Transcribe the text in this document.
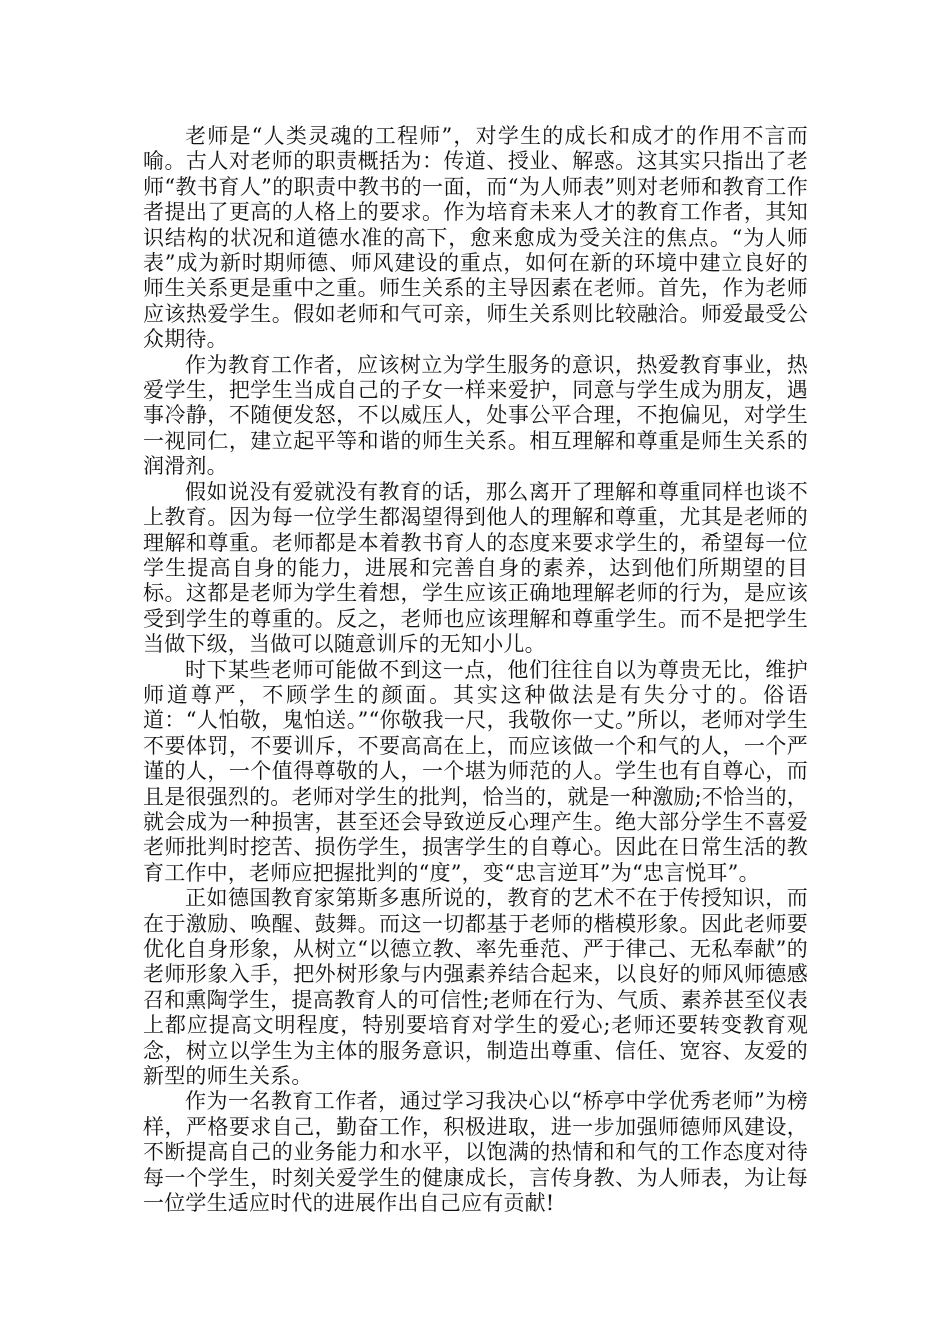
老师是“人类灵魂的工程师”，对学生的成长和成才的作用不言而喻。古人对老师的职责概括为：传道、授业、解惑。这其实只指出了老师“教书育人”的职责中教书的一面，而“为人师表”则对老师和教育工作者提出了更高的人格上的要求。作为培育未来人才的教育工作者，其知识结构的状况和道德水准的高下，愈来愈成为受关注的焦点。“为人师表”成为新时期师德、师风建设的重点，如何在新的环境中建立良好的师生关系更是重中之重。师生关系的主导因素在老师。首先，作为老师应该热爱学生。假如老师和气可亲，师生关系则比较融洽。师爱最受公众期待。

作为教育工作者，应该树立为学生服务的意识，热爱教育事业，热爱学生，把学生当成自己的子女一样来爱护，同意与学生成为朋友，遇事冷静，不随便发怒，不以威压人，处事公平合理，不抱偏见，对学生一视同仁，建立起平等和谐的师生关系。相互理解和尊重是师生关系的润滑剂。

假如说没有爱就没有教育的话，那么离开了理解和尊重同样也谈不上教育。因为每一位学生都渴望得到他人的理解和尊重，尤其是老师的理解和尊重。老师都是本着教书育人的态度来要求学生的，希望每一位学生提高自身的能力，进展和完善自身的素养，达到他们所期望的目标。这都是老师为学生着想，学生应该正确地理解老师的行为，是应该受到学生的尊重的。反之，老师也应该理解和尊重学生。而不是把学生当做下级，当做可以随意训斥的无知小儿。

时下某些老师可能做不到这一点，他们往往自以为尊贵无比，维护师道尊严，不顾学生的颜面。其实这种做法是有失分寸的。俗语道：“人怕敬，鬼怕送。”“你敬我一尺，我敬你一丈。”所以，老师对学生不要体罚，不要训斥，不要高高在上，而应该做一个和气的人，一个严谨的人，一个值得尊敬的人，一个堪为师范的人。学生也有自尊心，而且是很强烈的。老师对学生的批判，恰当的，就是一种激励;不恰当的，就会成为一种损害，甚至还会导致逆反心理产生。绝大部分学生不喜爱老师批判时挖苦、损伤学生，损害学生的自尊心。因此在日常生活的教育工作中，老师应把握批判的“度”，变“忠言逆耳”为“忠言悦耳”。

正如德国教育家第斯多惠所说的，教育的艺术不在于传授知识，而在于激励、唤醒、鼓舞。而这一切都基于老师的楷模形象。因此老师要优化自身形象，从树立“以德立教、率先垂范、严于律己、无私奉献”的老师形象入手，把外树形象与内强素养结合起来，以良好的师风师德感召和熏陶学生，提高教育人的可信性;老师在行为、气质、素养甚至仪表上都应提高文明程度，特别要培育对学生的爱心;老师还要转变教育观念，树立以学生为主体的服务意识，制造出尊重、信任、宽容、友爱的新型的师生关系。

作为一名教育工作者，通过学习我决心以“桥亭中学优秀老师”为榜样，严格要求自己，勤奋工作，积极进取，进一步加强师德师风建设，不断提高自己的业务能力和水平，以饱满的热情和和气的工作态度对待每一个学生，时刻关爱学生的健康成长，言传身教、为人师表，为让每一位学生适应时代的进展作出自己应有贡献!
